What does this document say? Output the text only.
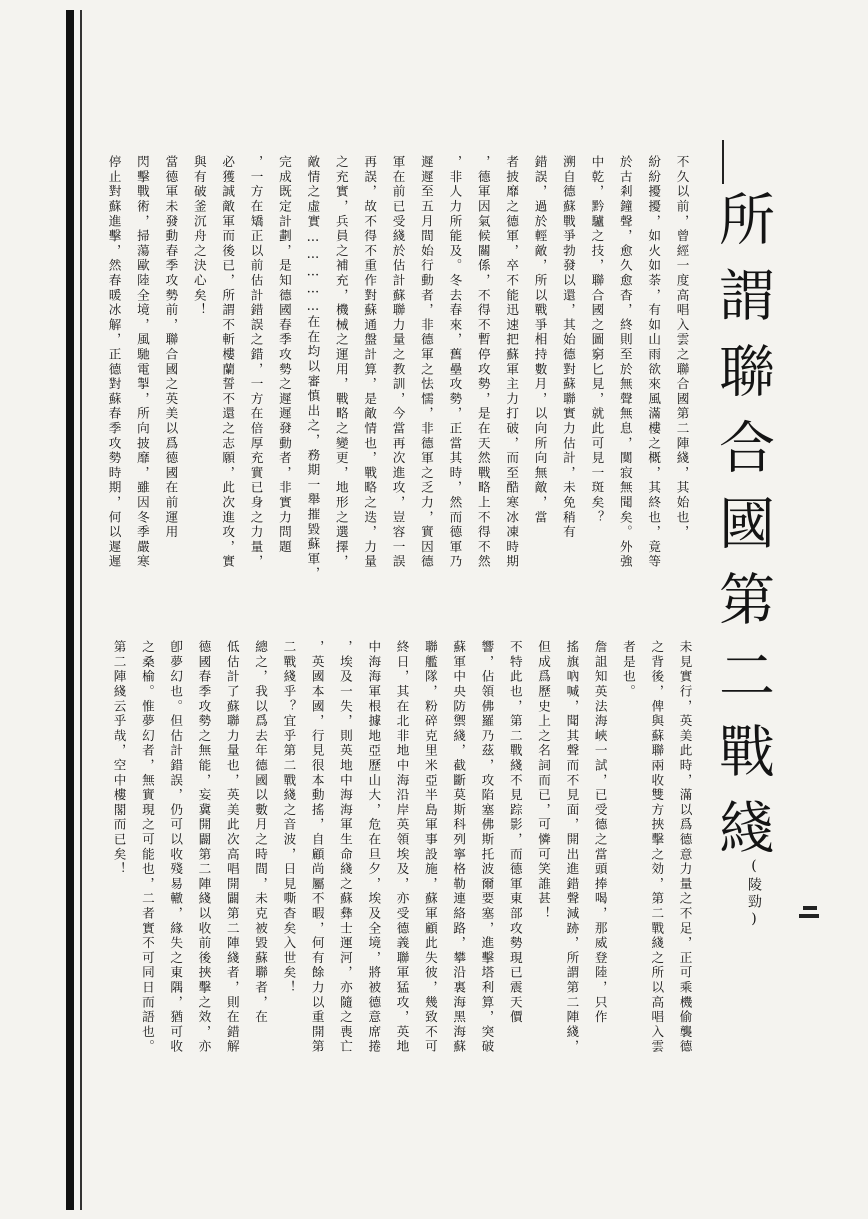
所謂聯合國第二戰綫
(陵勁)
不久以前，曾經一度高唱入雲之聯合國第二陣綫，其始也，
紛紛擾擾，如火如荼，有如山雨欲來風滿樓之概，其終也，竟等
於古剎鐘聲，愈久愈杳，終則至於無聲無息，闃寂無聞矣。外強
中乾，黔驢之技，聯合國之圖窮匕見，就此可見一斑矣？
溯自德蘇戰爭勃發以還，其始德對蘇聯實力估計，未免稍有
錯誤，過於輕敵，所以戰爭相持數月，以向所向無敵，當
者披靡之德軍，卒不能迅速把蘇軍主力打破，而至酷寒冰凍時期
，德軍因氣候關係，不得不暫停攻勢，是在天然戰略上不得不然
，非人力所能及。冬去春來，舊壘攻勢，正當其時，然而德軍乃
遲遲至五月間始行動者，非德軍之怯懦，非德軍之乏力，實因德
軍在前已受綫於估計蘇聯力量之教訓，今當再次進攻，豈容一誤
再誤，故不得不重作對蘇通盤計算，是敵情也，戰略之迭，力量
之充實，兵員之補充，機械之運用，戰略之變更，地形之選擇，
敵情之虛實……………在在均以審慎出之，務期一舉摧毀蘇軍，
完成既定計劃，是知德國春季攻勢之遲遲發動者，非實力問題
，一方在矯正以前估計錯誤之錯，一方在倍厚充實已身之力量，
必獲誠敵軍而後已，所謂不斬樓蘭誓不還之志願，此次進攻，實
與有破釜沉舟之決心矣！
當德軍未發動春季攻勢前，聯合國之英美以爲德國在前運用
閃擊戰術，掃蕩歐陸全境，風馳電掣，所向披靡，雖因冬季嚴寒
停止對蘇進擊，然春暖冰解，正德對蘇春季攻勢時期，何以遲遲
未見實行，英美此時，滿以爲德意力量之不足，正可乘機偷襲德
之背後，俾與蘇聯兩收雙方挾擊之効，第二戰綫之所以高唱入雲
者是也。
詹詛知英法海峽一試，已受德之當頭捧喝，那威登陸，只作
搖旗吶喊，聞其聲而不見面，開出進錯聲減跡，所謂第二陣綫，
但成爲歷史上之名詞而已，可憐可笑誰甚！
不特此也，第二戰綫不見踪影，而德軍東部攻勢現已震天價
響，佔領佛羅乃茲，攻陷塞佛斯托波爾要塞，進擊塔利算，突破
蘇軍中央防禦綫，截斷莫斯科列寧格勒連絡路，攀沿裏海黑海蘇
聯艦隊，粉碎克里米亞半島軍事設施，蘇軍顧此失彼，幾致不可
終日，其在北非地中海沿岸英領埃及，亦受德義聯軍猛攻，英地
中海海軍根據地亞歷山大，危在旦夕，埃及全境，將被德意席捲
，埃及一失，則英地中海海軍生命綫之蘇彝士運河，亦隨之喪亡
，英國本國，行見很本動搖，自顧尚屬不暇，何有餘力以重開第
二戰綫乎？宜乎第二戰綫之音波，日見嘶杳矣入世矣！
總之，我以爲去年德國以數月之時間，未克被毀蘇聯者，在
低估計了蘇聯力量也，英美此次高唱開闢第二陣綫者，則在錯解
德國春季攻勢之無能，妄冀開闢第二陣綫以收前後挾擊之效，亦
卽夢幻也。但估計錯誤，仍可以收殘易轍，緣失之東隅，猶可收
之桑榆。惟夢幻者，無實現之可能也，二者實不可同日而語也。
第二陣綫云乎哉，空中樓閣而已矣！
